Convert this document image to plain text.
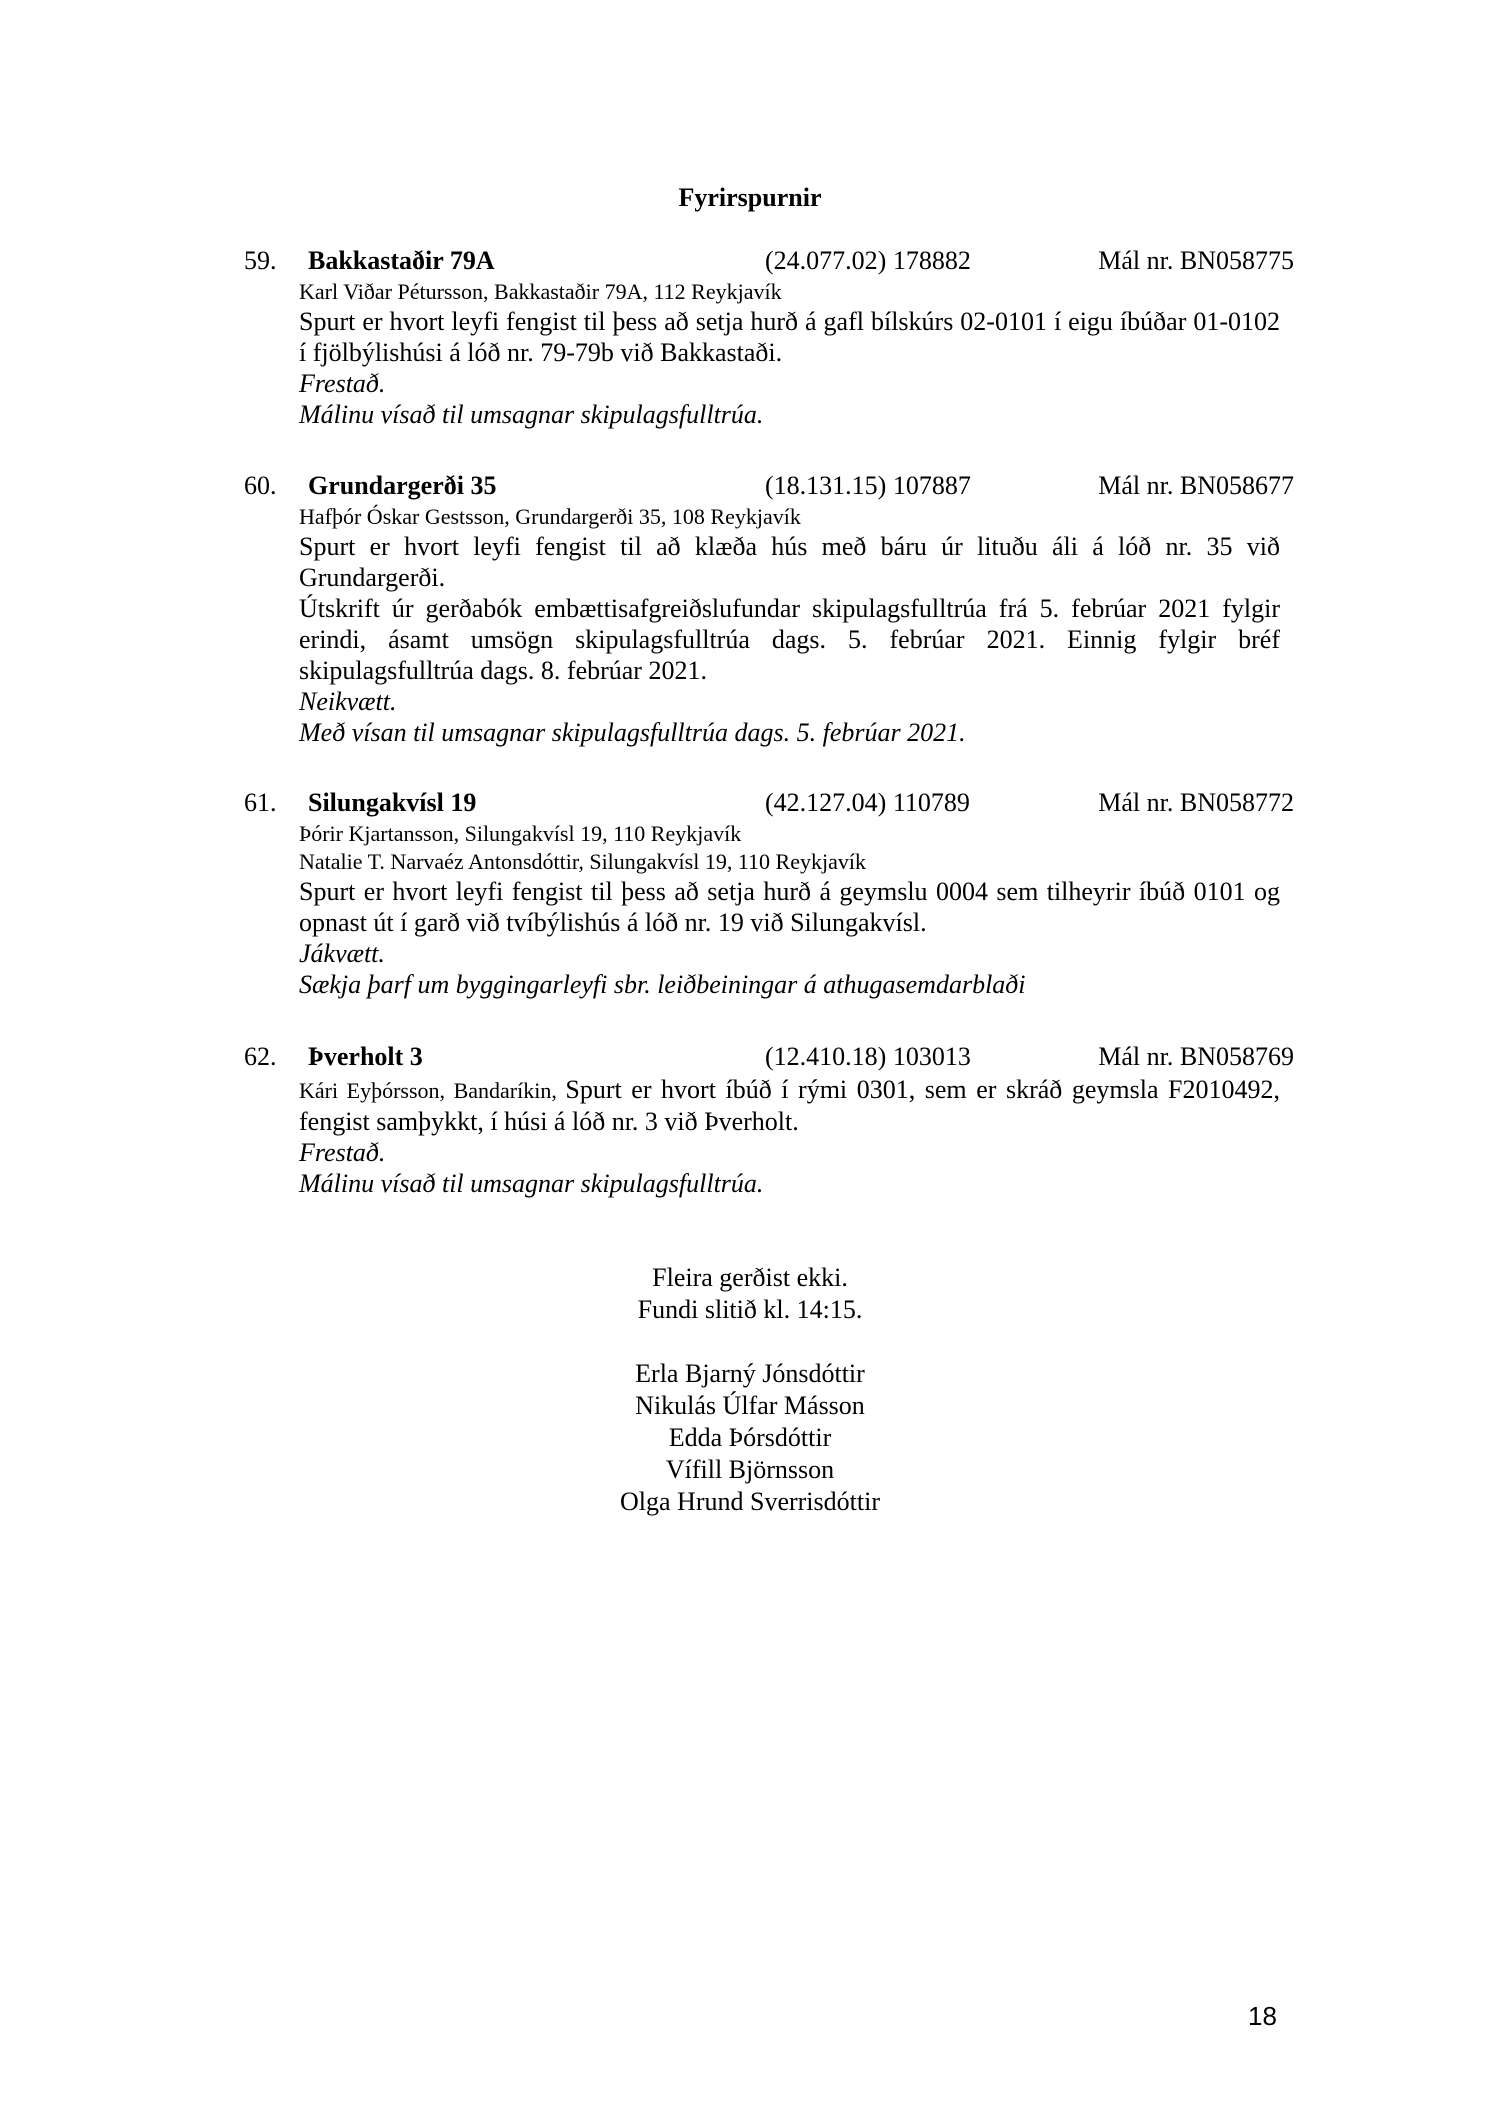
Fyrirspurnir
59. Bakkastaðir 79A	(24.077.02) 178882	Mál nr. BN058775
Karl Viðar Pétursson, Bakkastaðir 79A, 112 Reykjavík
Spurt er hvort leyfi fengist til þess að setja hurð á gafl bílskúrs 02-0101 í eigu íbúðar 01-0102 í fjölbýlishúsi á lóð nr. 79-79b við Bakkastaði.
Frestað.
Málinu vísað til umsagnar skipulagsfulltrúa.
60. Grundargerði 35	(18.131.15) 107887	Mál nr. BN058677
Hafþór Óskar Gestsson, Grundargerði 35, 108 Reykjavík
Spurt er hvort leyfi fengist til að klæða hús með báru úr lituðu áli á lóð nr. 35 við Grundargerði.
Útskrift úr gerðabók embættisafgreiðslufundar skipulagsfulltrúa frá 5. febrúar 2021 fylgir erindi, ásamt umsögn skipulagsfulltrúa dags. 5. febrúar 2021. Einnig fylgir bréf skipulagsfulltrúa dags. 8. febrúar 2021.
Neikvætt.
Með vísan til umsagnar skipulagsfulltrúa dags. 5. febrúar 2021.
61. Silungakvísl 19	(42.127.04) 110789	Mál nr. BN058772
Þórir Kjartansson, Silungakvísl 19, 110 Reykjavík
Natalie T. Narvaéz Antonsdóttir, Silungakvísl 19, 110 Reykjavík
Spurt er hvort leyfi fengist til þess að setja hurð á geymslu 0004 sem tilheyrir íbúð 0101 og opnast út í garð við tvíbýlishús á lóð nr. 19 við Silungakvísl.
Jákvætt.
Sækja þarf um byggingarleyfi sbr. leiðbeiningar á athugasemdarblaði
62. Þverholt 3	(12.410.18) 103013	Mál nr. BN058769
Kári Eyþórsson, Bandaríkin, Spurt er hvort íbúð í rými 0301, sem er skráð geymsla F2010492, fengist samþykkt, í húsi á lóð nr. 3 við Þverholt.
Frestað.
Málinu vísað til umsagnar skipulagsfulltrúa.
Fleira gerðist ekki.
Fundi slitið kl. 14:15.
Erla Bjarný Jónsdóttir
Nikulás Úlfar Másson
Edda Þórsdóttir
Vífill Björnsson
Olga Hrund Sverrisdóttir
18
